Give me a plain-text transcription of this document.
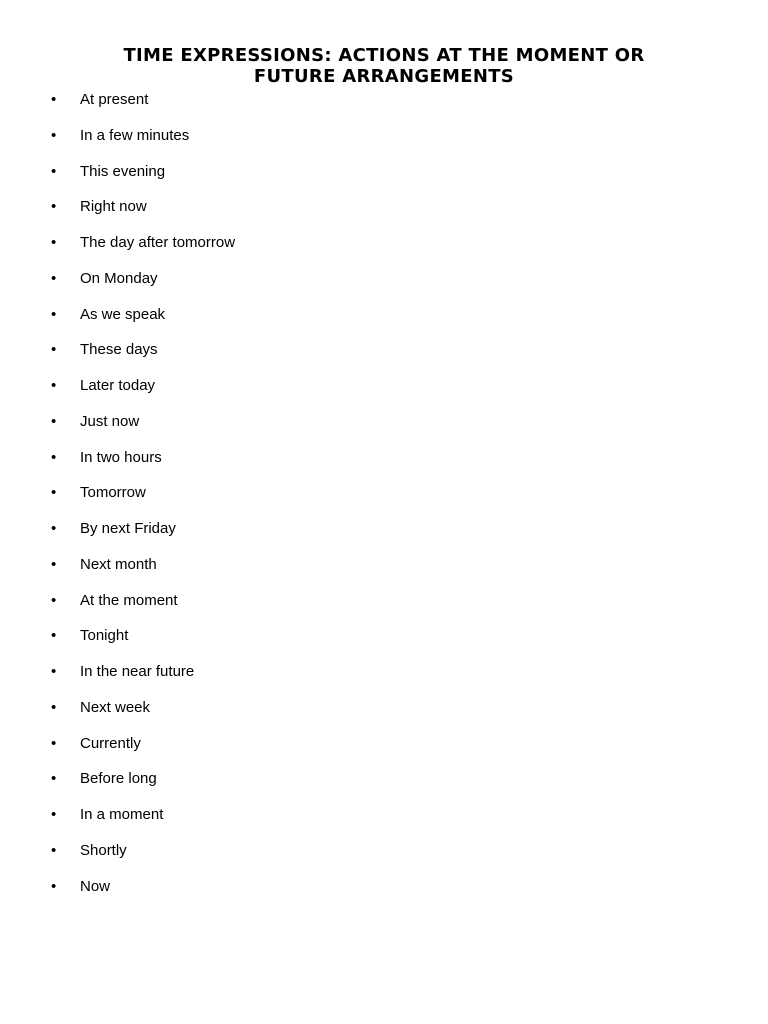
TIME EXPRESSIONS: ACTIONS AT THE MOMENT OR
FUTURE ARRANGEMENTS
•	At present
•	In a few minutes
•	This evening
•	Right now
•	The day after tomorrow
•	On Monday
•	As we speak
•	These days
•	Later today
•	Just now
•	In two hours
•	Tomorrow
•	By next Friday
•	Next month
•	At the moment
•	Tonight
•	In the near future
•	Next week
•	Currently
•	Before long
•	In a moment
•	Shortly
•	Now
